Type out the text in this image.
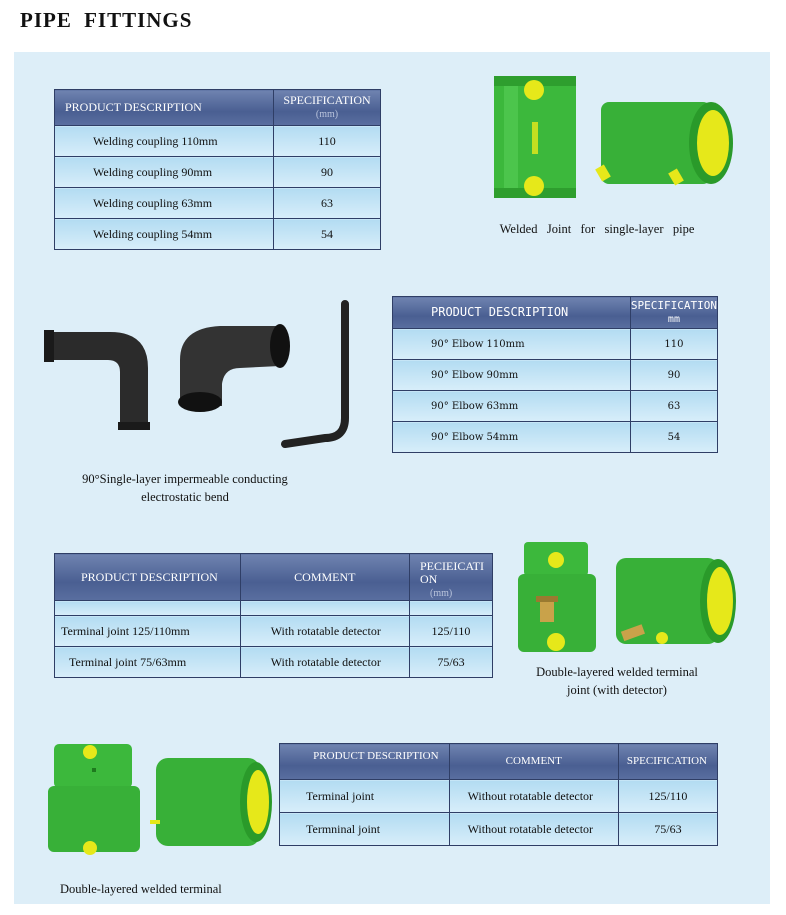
PIPE FITTINGS
PRODUCT DESCRIPTION	SPECIFICATION
(mm)
Welding coupling 110mm	110
Welding coupling 90mm	90
Welding coupling 63mm	63
Welding coupling 54mm	54	Welded   Joint   for   single-layer   pipe
90°Single-layer impermeable conducting
electrostatic bend
PRODUCT DESCRIPTION	SPECIFICATION
mm
90° Elbow 110mm	110
90° Elbow 90mm	90
90° Elbow 63mm	63
90° Elbow 54mm	54
PRODUCT DESCRIPTION	COMMENT	PECIEICATI
ON
(mm)

Terminal joint 125/110mm	With rotatable detector	125/110
Terminal joint 75/63mm	With rotatable detector	75/63
Double-layered welded terminal
joint (with detector)
Double-layered welded terminal
PRODUCT DESCRIPTION	COMMENT	SPECIFICATION
Terminal joint	Without rotatable detector	125/110
Termninal joint	Without rotatable detector	75/63
